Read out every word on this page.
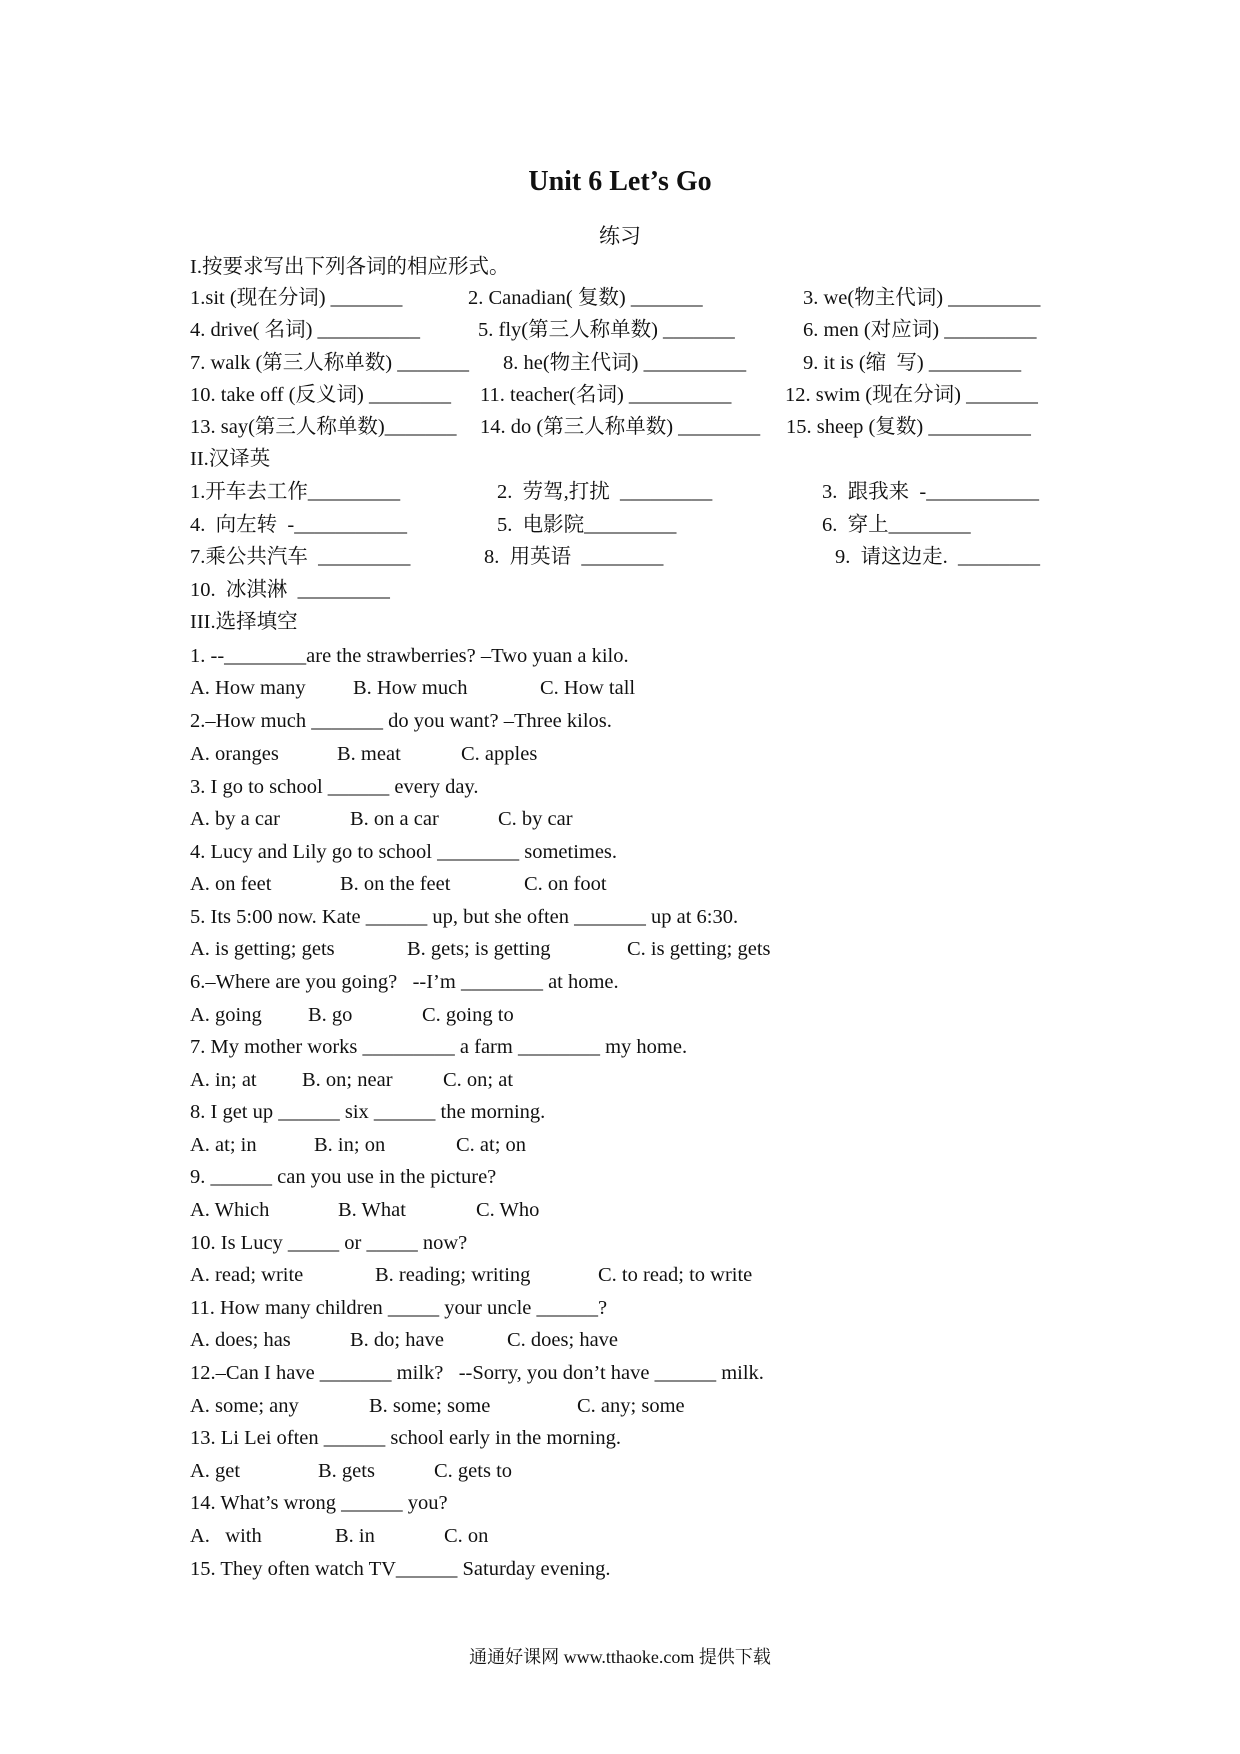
Unit 6 Let’s Go
练习
I.按要求写出下列各词的相应形式。
1.sit (现在分词) _______	2. Canadian( 复数) _______	3. we(物主代词) _________
4. drive( 名词) __________	5. fly(第三人称单数) _______	6. men (对应词) _________
7. walk (第三人称单数) _______ 8. he(物主代词) __________	9. it is (缩  写) _________
10. take off (反义词) ________ 11. teacher(名词) __________	12. swim (现在分词) _______
13. say(第三人称单数)_______ 14. do (第三人称单数) ________ 15. sheep (复数) __________
II.汉译英
1.开车去工作_________	2.  劳驾,打扰  _________	3.  跟我来  -___________
4.  向左转  -___________	5.  电影院_________	6.  穿上________
7.乘公共汽车  _________	8.  用英语  ________	9.  请这边走.  ________
10.  冰淇淋  _________
III.选择填空
1. --________are the strawberries? –Two yuan a kilo.
A. How many B. How much	C. How tall
2.–How much _______ do you want? –Three kilos.
A. oranges	B. meat	C. apples
3. I go to school ______ every day.
A. by a car	B. on a car	C. by car
4. Lucy and Lily go to school ________ sometimes.
A. on feet	B. on the feet	C. on foot
5. Its 5:00 now. Kate ______ up, but she often _______ up at 6:30.
A. is getting; gets	B. gets; is getting	C. is getting; gets
6.–Where are you going?   --I’m ________ at home.
A. going B. go	C. going to
7. My mother works _________ a farm ________ my home.
A. in; at B. on; near C. on; at
8. I get up ______ six ______ the morning.
A. at; in	B. in; on	C. at; on
9. ______ can you use in the picture?
A. Which	B. What	C. Who
10. Is Lucy _____ or _____ now?
A. read; write	B. reading; writing	C. to read; to write
11. How many children _____ your uncle ______?
A. does; has	B. do; have	C. does; have
12.–Can I have _______ milk?   --Sorry, you don’t have ______ milk.
A. some; any	B. some; some	C. any; some
13. Li Lei often ______ school early in the morning.
A. get	B. gets	C. gets to
14. What’s wrong ______ you?
A.   with	B. in	C. on
15. They often watch TV______ Saturday evening.
通通好课网 www.tthaoke.com 提供下载
